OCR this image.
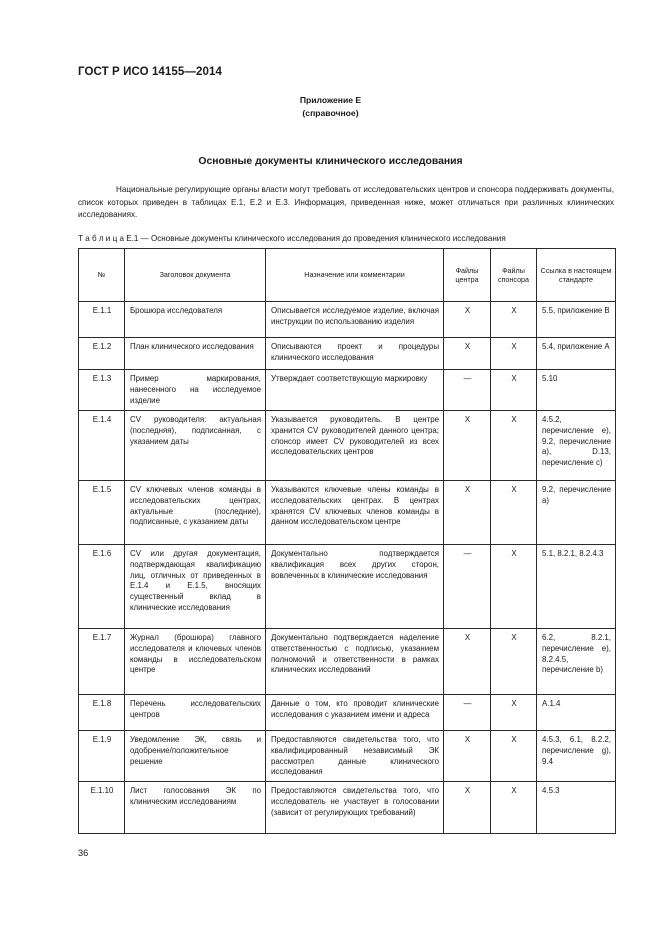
ГОСТ Р ИСО 14155—2014
Приложение Е
(справочное)
Основные документы клинического исследования
Национальные регулирующие органы власти могут требовать от исследовательских центров и спонсора поддерживать документы, список которых приведен в таблицах Е.1, Е.2 и Е.3. Информация, приведенная ниже, может отличаться при различных клинических исследованиях.
Т а б л и ц а Е.1 — Основные документы клинического исследования до проведения клинического исследования
№	Заголовок документа	Назначение или комментарии	Файлы центра	Файлы спонсора	Ссылка в настоящем стандарте
Е.1.1	Брошюра исследователя	Описывается исследуемое изделие, включая инструкции по использованию изделия	X	X	5.5, приложение В
Е.1.2	План клинического исследования	Описываются проект и процедуры клинического исследования	X	X	5.4, приложение А
Е.1.3	Пример маркирования, нанесенного на исследуемое изделие	Утверждает соответствующую маркировку	—	X	5.10
Е.1.4	CV руководителя: актуальная (последняя), подписанная, с указанием даты	Указывается руководитель. В центре хранится CV руководителей данного центра; спонсор имеет CV руководителей из всех исследовательских центров	X	X	4.5.2, перечисление е), 9.2, перечисление а), D.13, перечисление с)
Е.1.5	CV ключевых членов команды в исследовательских центрах, актуальные (последние), подписанные, с указанием даты	Указываются ключевые члены команды в исследовательских центрах. В центрах хранятся CV ключевых членов команды в данном исследовательском центре	X	X	9.2, перечисление а)
Е.1.6	CV или другая документация, подтверждающая квалификацию лиц, отличных от приведенных в Е.1.4 и Е.1.5, вносящих существенный вклад в клинические исследования	Документально подтверждается квалификация всех других сторон, вовлеченных в клинические исследования	—	X	5.1, 8.2.1, 8.2.4.3
Е.1.7	Журнал (брошюра) главного исследователя и ключевых членов команды в исследовательском центре	Документально подтверждается наделение ответственностью с подписью, указанием полномочий и ответственности в рамках клинических исследований	X	X	6.2, 8.2.1, перечисление е), 8.2.4.5, перечисление b)
Е.1.8	Перечень исследовательских центров	Данные о том, кто проводит клинические исследования с указанием имени и адреса	—	X	А.1.4
Е.1.9	Уведомление ЭК, связь и одобрение/положительное решение	Предоставляются свидетельства того, что квалифицированный независимый ЭК рассмотрел данные клинического исследования	X	X	4.5.3, 6.1, 8.2.2, перечисление g), 9.4
Е.1.10	Лист голосования ЭК по клиническим исследованиям	Предоставляются свидетельства того, что исследователь не участвует в голосовании (зависит от регулирующих требований)	X	X	4.5.3
36
